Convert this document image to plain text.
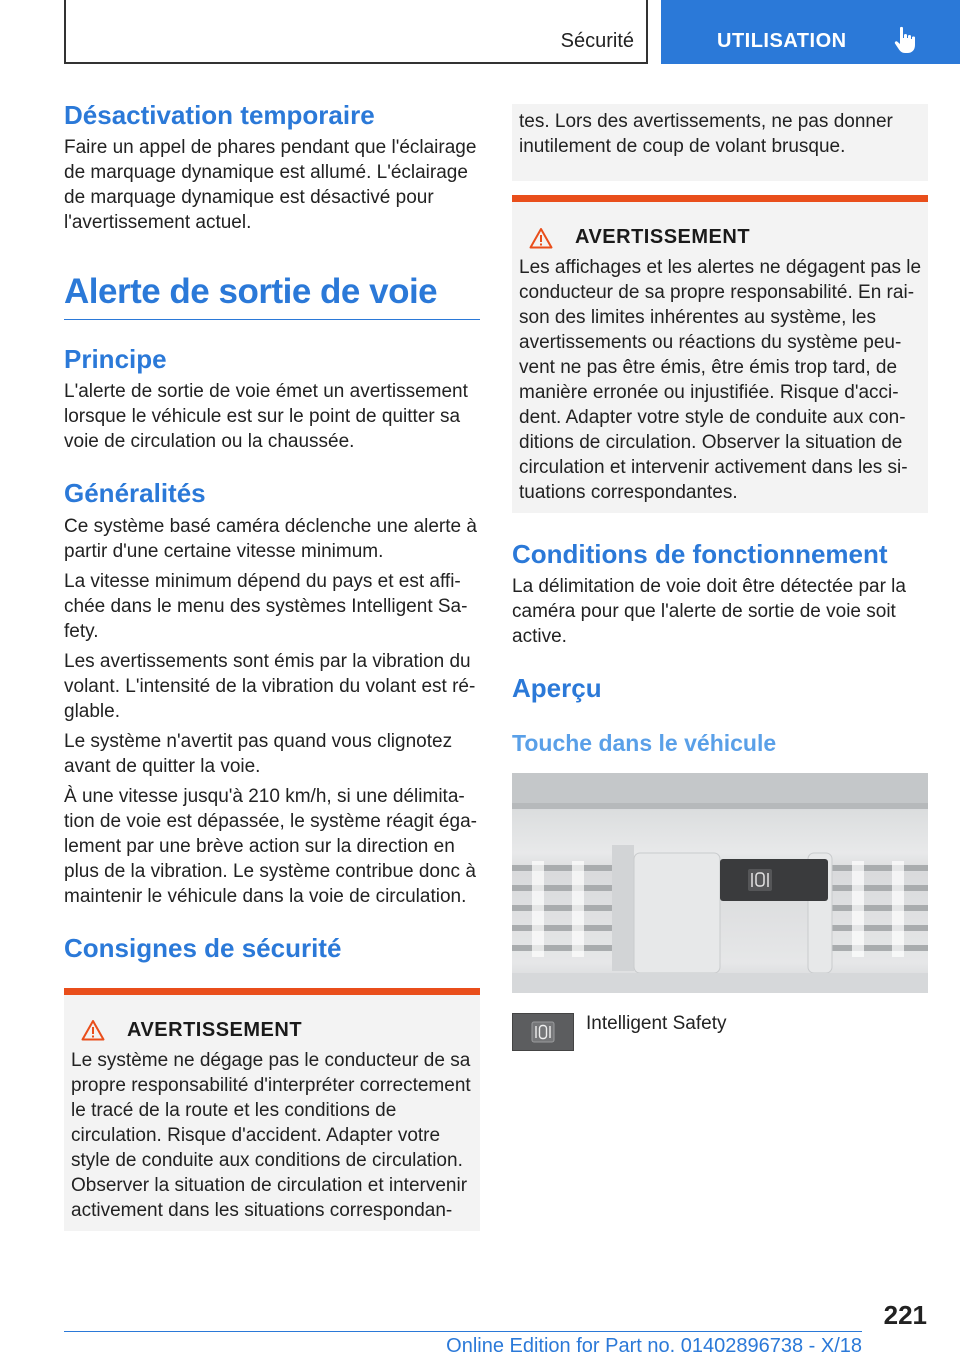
Sécurité	UTILISATION
Désactivation temporaire

Faire un appel de phares pendant que l'éclairage de marquage dynamique est allumé. L'éclairage de marquage dynamique est désactivé pour l'avertissement actuel.

Alerte de sortie de voie
Principe

L'alerte de sortie de voie émet un avertissement lorsque le véhicule est sur le point de quitter sa voie de circulation ou la chaussée.

Généralités

Ce système basé caméra déclenche une alerte à partir d'une certaine vitesse minimum.

La vitesse minimum dépend du pays et est affichée dans le menu des systèmes Intelligent Safety.

Les avertissements sont émis par la vibration du volant. L'intensité de la vibration du volant est réglable.

Le système n'avertit pas quand vous clignotez avant de quitter la voie.

À une vitesse jusqu'à 210 km/h, si une délimitation de voie est dépassée, le système réagit également par une brève action sur la direction en plus de la vibration. Le système contribue donc à maintenir le véhicule dans la voie de circulation.

Consignes de sécurité
AVERTISSEMENT

Le système ne dégage pas le conducteur de sa propre responsabilité d'interpréter correctement le tracé de la route et les conditions de circulation. Risque d'accident. Adapter votre style de conduite aux conditions de circulation. Observer la situation de circulation et intervenir activement dans les situations correspondan-

tes. Lors des avertissements, ne pas donner inutilement de coup de volant brusque.

AVERTISSEMENT

Les affichages et les alertes ne dégagent pas le conducteur de sa propre responsabilité. En raison des limites inhérentes au système, les avertissements ou réactions du système peuvent ne pas être émis, être émis trop tard, de manière erronée ou injustifiée. Risque d'accident. Adapter votre style de conduite aux conditions de circulation. Observer la situation de circulation et intervenir activement dans les situations correspondantes.

Conditions de fonctionnement

La délimitation de voie doit être détectée par la caméra pour que l'alerte de sortie de voie soit active.

Aperçu
Touche dans le véhicule
Intelligent Safety
221
Online Edition for Part no. 01402896738 - X/18
